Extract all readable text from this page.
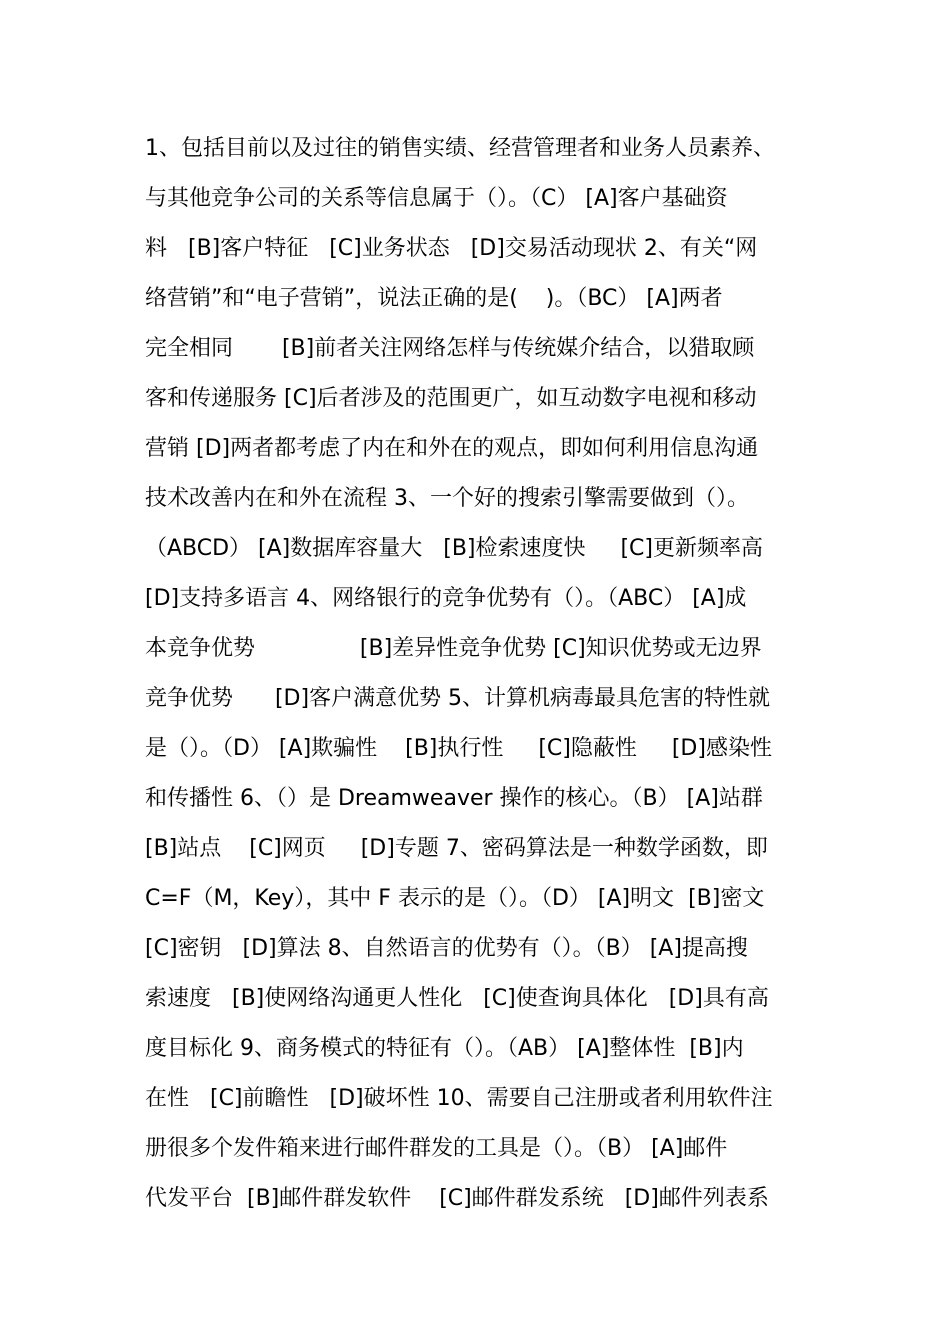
1、包括目前以及过往的销售实绩、经营管理者和业务人员素养、
与其他竞争公司的关系等信息属于（）。（C） [A]客户基础资
料   [B]客户特征   [C]业务状态   [D]交易活动现状 2、有关“网
络营销”和“电子营销”，说法正确的是(    )。（BC） [A]两者
完全相同       [B]前者关注网络怎样与传统媒介结合，以猎取顾
客和传递服务 [C]后者涉及的范围更广，如互动数字电视和移动
营销 [D]两者都考虑了内在和外在的观点，即如何利用信息沟通
技术改善内在和外在流程 3、一个好的搜索引擎需要做到（）。
（ABCD） [A]数据库容量大   [B]检索速度快     [C]更新频率高
[D]支持多语言 4、网络银行的竞争优势有（）。（ABC） [A]成
本竞争优势               [B]差异性竞争优势 [C]知识优势或无边界
竞争优势      [D]客户满意优势 5、计算机病毒最具危害的特性就
是（）。（D） [A]欺骗性    [B]执行性     [C]隐蔽性     [D]感染性
和传播性 6、（）是 Dreamweaver 操作的核心。（B） [A]站群
[B]站点    [C]网页     [D]专题 7、密码算法是一种数学函数，即
C=F（M，Key），其中 F 表示的是（）。（D） [A]明文  [B]密文
[C]密钥   [D]算法 8、自然语言的优势有（）。（B） [A]提高搜
索速度   [B]使网络沟通更人性化   [C]使查询具体化   [D]具有高
度目标化 9、商务模式的特征有（）。（AB） [A]整体性  [B]内
在性   [C]前瞻性   [D]破坏性 10、需要自己注册或者利用软件注
册很多个发件箱来进行邮件群发的工具是（）。（B） [A]邮件
代发平台  [B]邮件群发软件    [C]邮件群发系统   [D]邮件列表系
